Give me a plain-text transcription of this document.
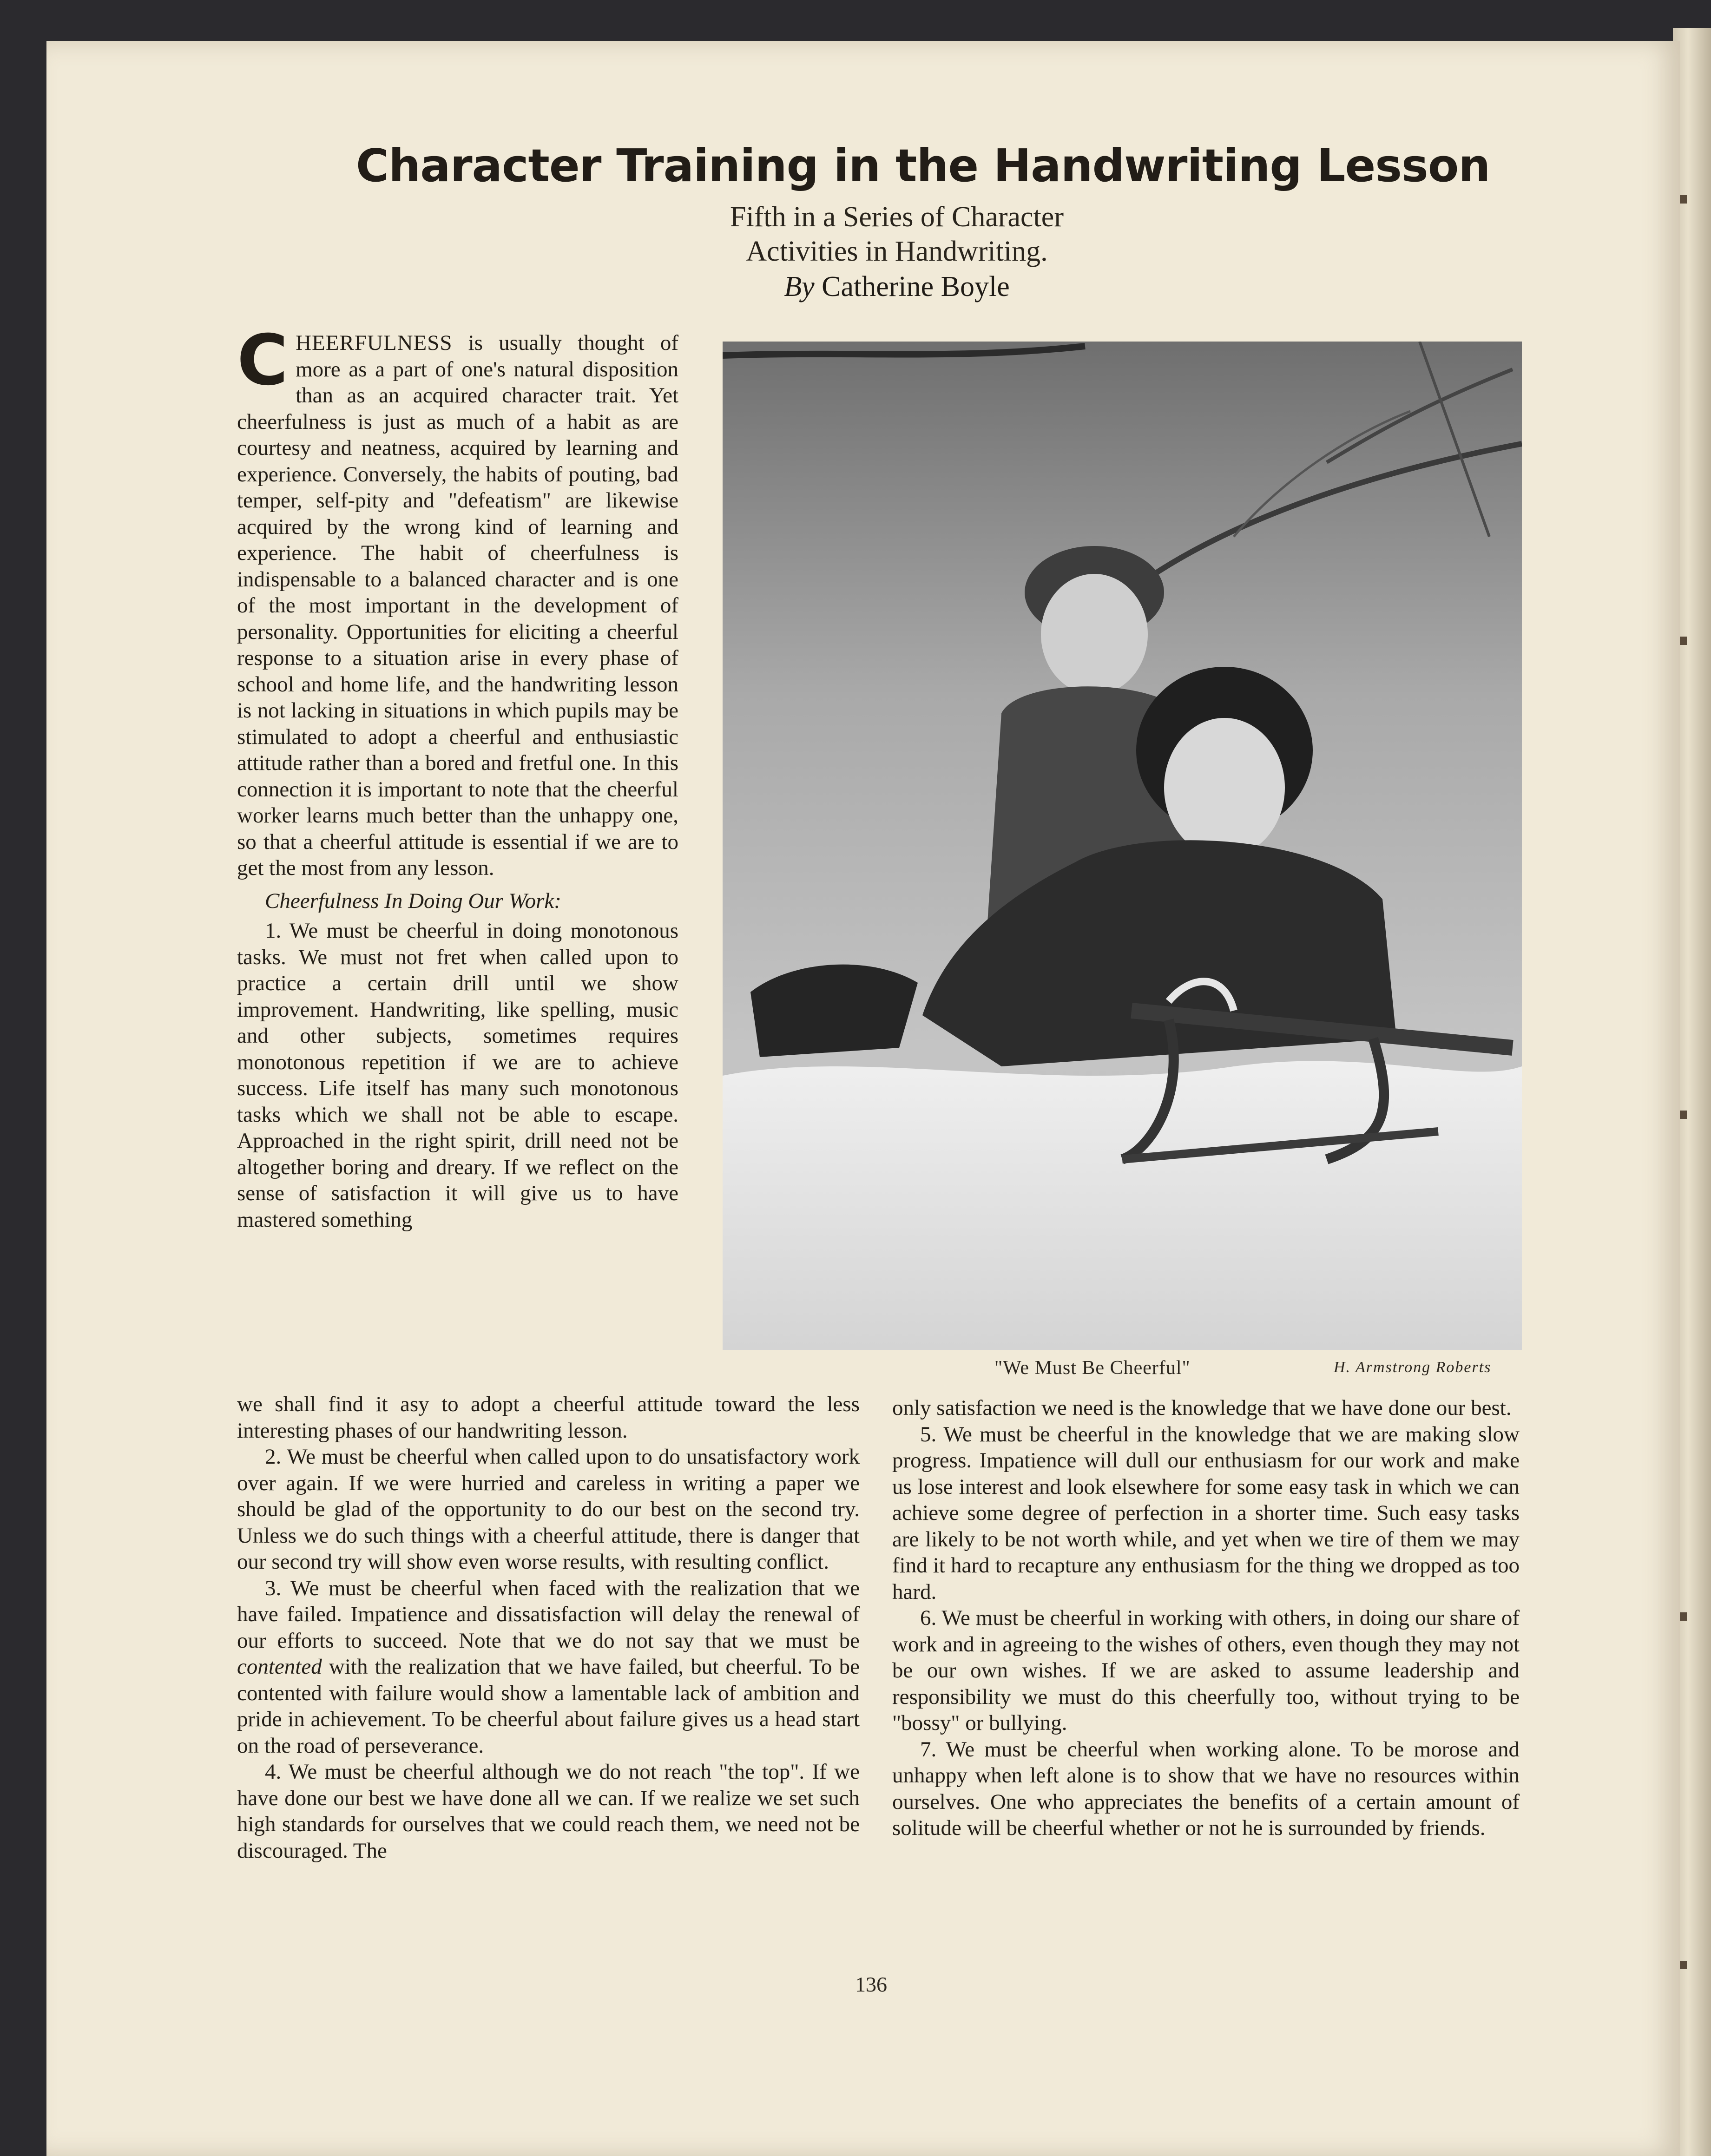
Character Training in the Handwriting Lesson
Fifth in a Series of Character
Activities in Handwriting.
By Catherine Boyle

CHEERFULNESS is usually thought of more as a part of one's natural disposition than as an acquired character trait. Yet cheerfulness is just as much of a habit as are courtesy and neatness, acquired by learning and experience. Conversely, the habits of pouting, bad temper, self-pity and "defeatism" are likewise acquired by the wrong kind of learning and experience. The habit of cheerfulness is indispensable to a balanced character and is one of the most important in the development of personality. Opportunities for eliciting a cheerful response to a situation arise in every phase of school and home life, and the handwriting lesson is not lacking in situations in which pupils may be stimulated to adopt a cheerful and enthusiastic attitude rather than a bored and fretful one. In this connection it is important to note that the cheerful worker learns much better than the unhappy one, so that a cheerful attitude is essential if we are to get the most from any lesson.

Cheerfulness In Doing Our Work:

1. We must be cheerful in doing monotonous tasks. We must not fret when called upon to practice a certain drill until we show improvement. Handwriting, like spelling, music and other subjects, sometimes requires monotonous repetition if we are to achieve success. Life itself has many such monotonous tasks which we shall not be able to escape. Approached in the right spirit, drill need not be altogether boring and dreary. If we reflect on the sense of satisfaction it will give us to have mastered something

"We Must Be Cheerful"	H. Armstrong Roberts

we shall find it asy to adopt a cheerful attitude toward the less interesting phases of our handwriting lesson.

2. We must be cheerful when called upon to do unsatisfactory work over again. If we were hurried and careless in writing a paper we should be glad of the opportunity to do our best on the second try. Unless we do such things with a cheerful attitude, there is danger that our second try will show even worse results, with resulting conflict.

3. We must be cheerful when faced with the realization that we have failed. Impatience and dissatisfaction will delay the renewal of our efforts to succeed. Note that we do not say that we must be contented with the realization that we have failed, but cheerful. To be contented with failure would show a lamentable lack of ambition and pride in achievement. To be cheerful about failure gives us a head start on the road of perseverance.

4. We must be cheerful although we do not reach "the top". If we have done our best we have done all we can. If we realize we set such high standards for ourselves that we could reach them, we need not be discouraged. The

only satisfaction we need is the knowledge that we have done our best.

5. We must be cheerful in the knowledge that we are making slow progress. Impatience will dull our enthusiasm for our work and make us lose interest and look elsewhere for some easy task in which we can achieve some degree of perfection in a shorter time. Such easy tasks are likely to be not worth while, and yet when we tire of them we may find it hard to recapture any enthusiasm for the thing we dropped as too hard.

6. We must be cheerful in working with others, in doing our share of work and in agreeing to the wishes of others, even though they may not be our own wishes. If we are asked to assume leadership and responsibility we must do this cheerfully too, without trying to be "bossy" or bullying.

7. We must be cheerful when working alone. To be morose and unhappy when left alone is to show that we have no resources within ourselves. One who appreciates the benefits of a certain amount of solitude will be cheerful whether or not he is surrounded by friends.

136
